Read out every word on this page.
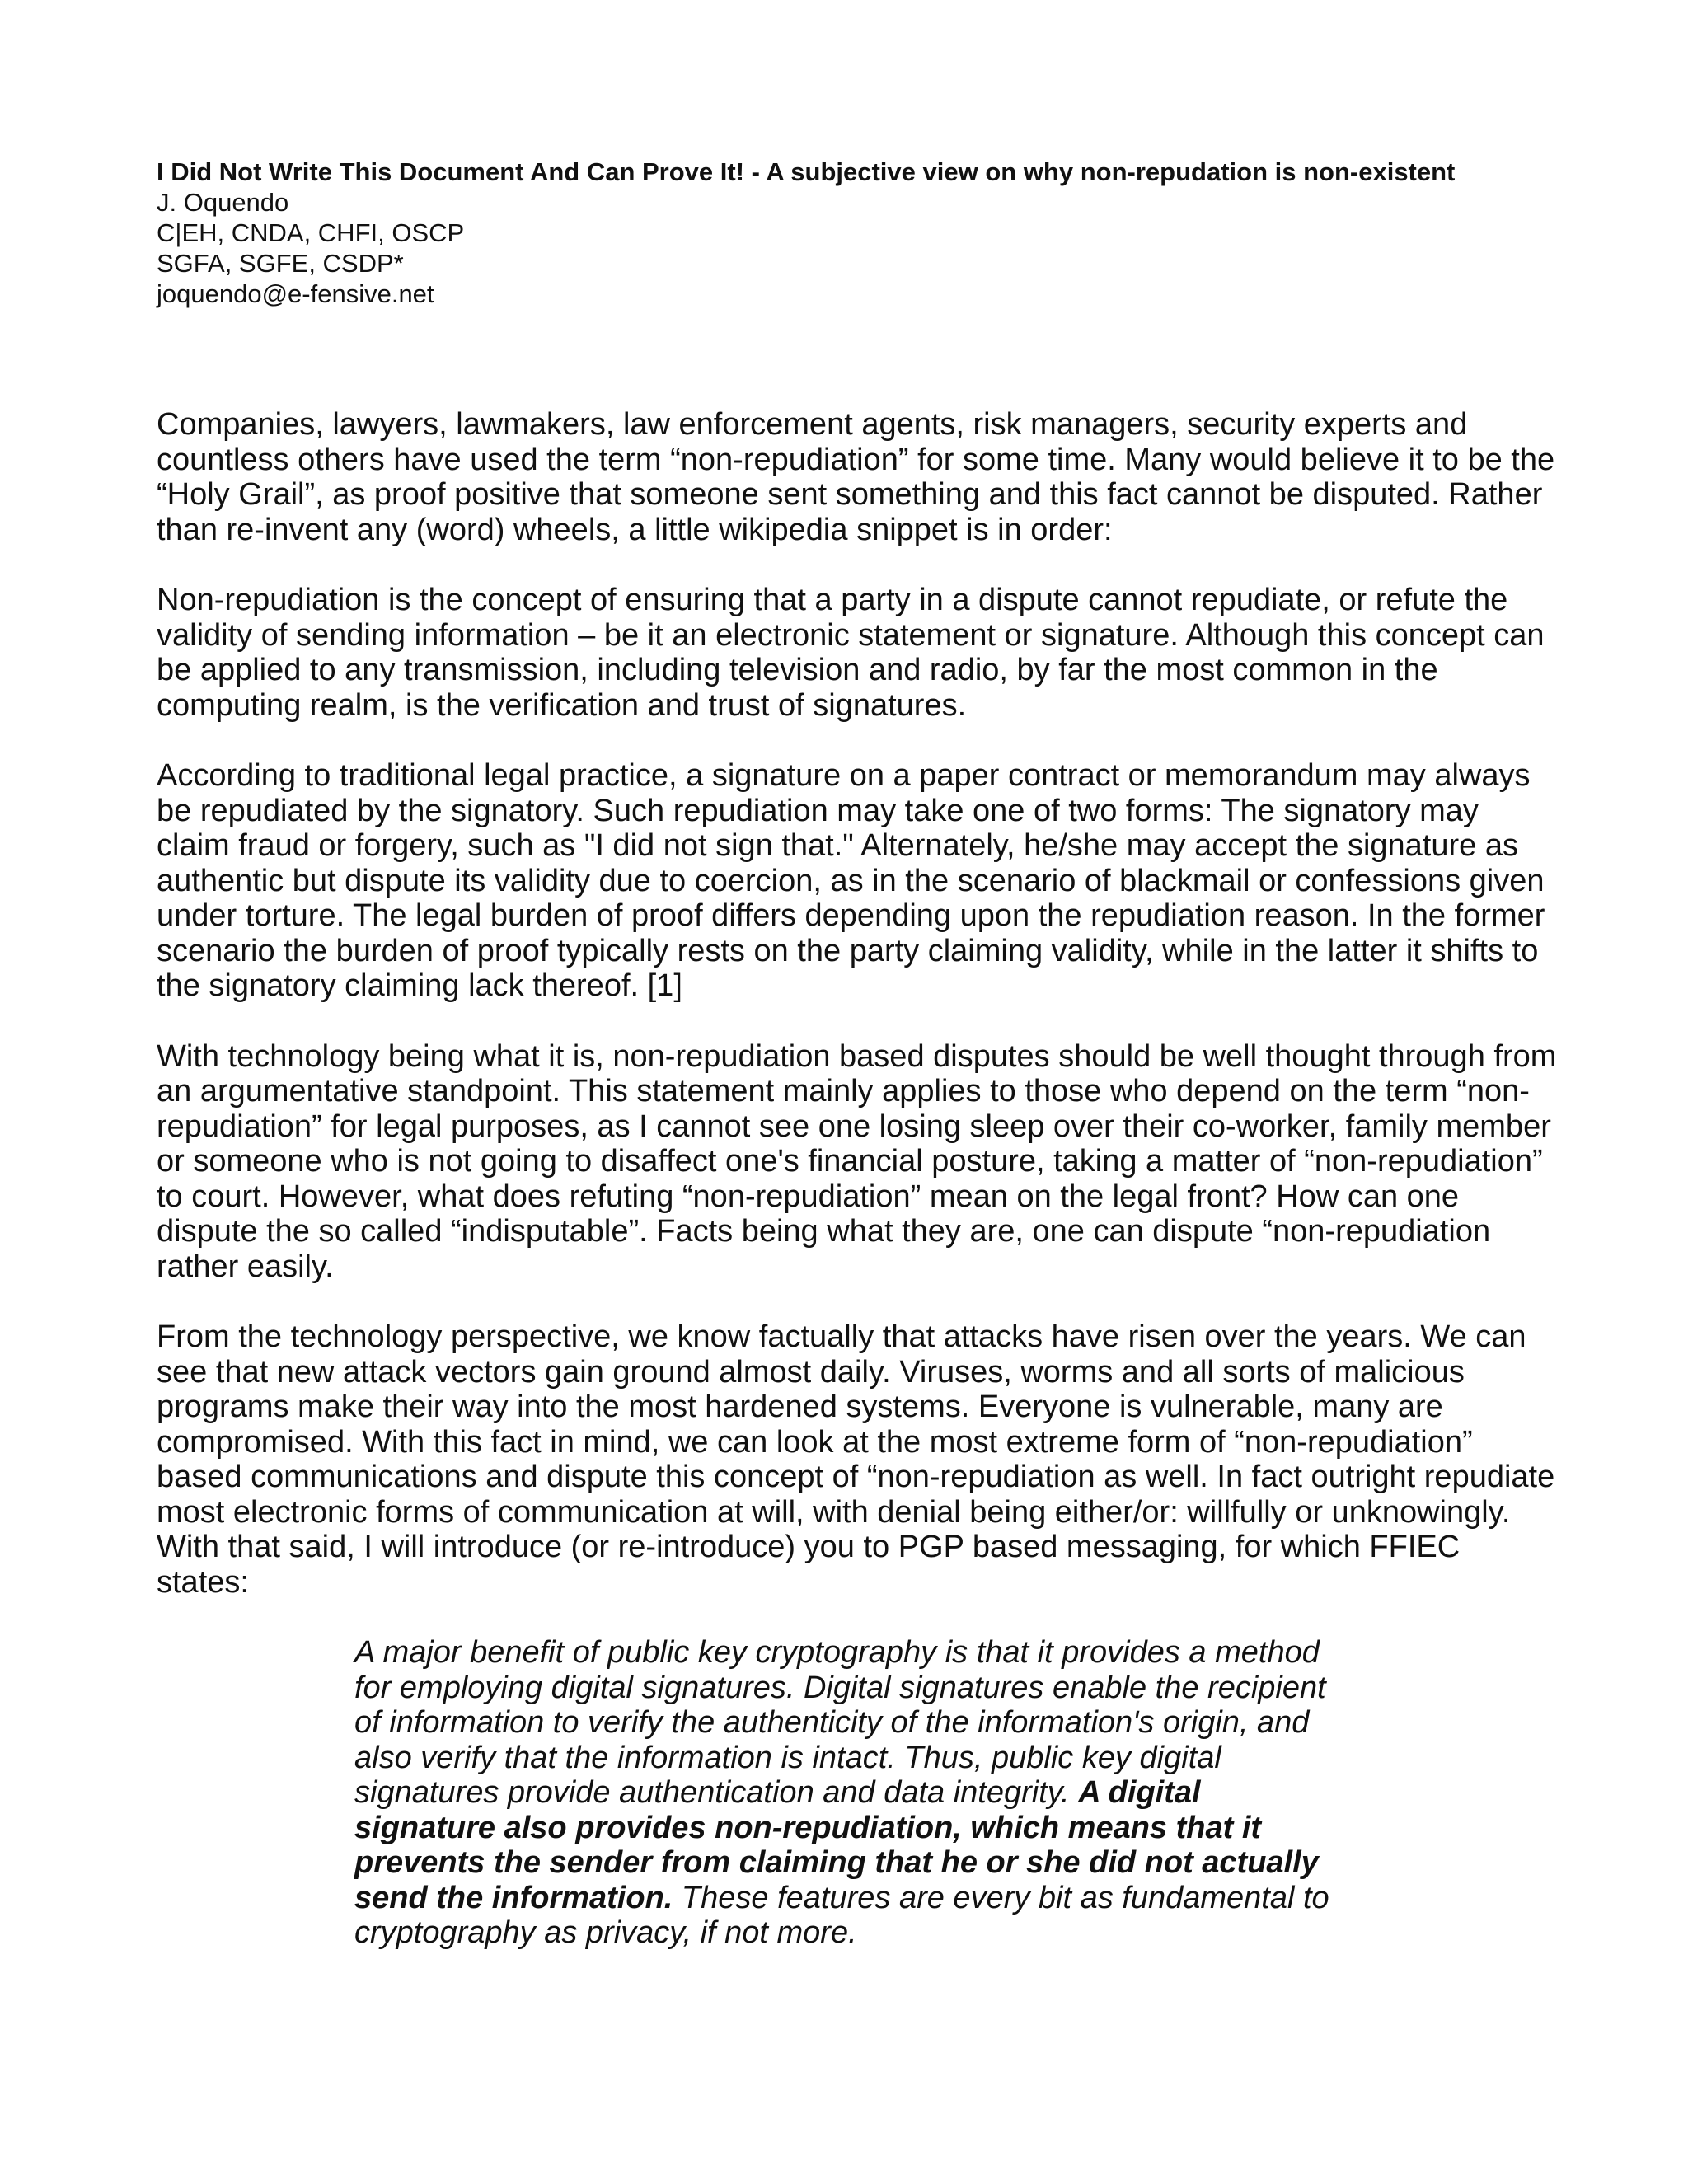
I Did Not Write This Document And Can Prove It! - A subjective view on why non-repudation is non-existent

J. Oquendo

C|EH, CNDA, CHFI, OSCP

SGFA, SGFE, CSDP*

joquendo@e-fensive.net

Companies, lawyers, lawmakers, law enforcement agents, risk managers, security experts and countless others have used the term “non-repudiation” for some time. Many would believe it to be the “Holy Grail”, as proof positive that someone sent something and this fact cannot be disputed. Rather than re-invent any (word) wheels, a little wikipedia snippet is in order:

Non-repudiation is the concept of ensuring that a party in a dispute cannot repudiate, or refute the validity of sending information – be it an electronic statement or signature. Although this concept can be applied to any transmission, including television and radio, by far the most common in the computing realm, is the verification and trust of signatures.

According to traditional legal practice, a signature on a paper contract or memorandum may always be repudiated by the signatory. Such repudiation may take one of two forms: The signatory may claim fraud or forgery, such as "I did not sign that." Alternately, he/she may accept the signature as authentic but dispute its validity due to coercion, as in the scenario of blackmail or confessions given under torture. The legal burden of proof differs depending upon the repudiation reason. In the former scenario the burden of proof typically rests on the party claiming validity, while in the latter it shifts to the signatory claiming lack thereof. [1]

With technology being what it is, non-repudiation based disputes should be well thought through from an argumentative standpoint. This statement mainly applies to those who depend on the term “non-repudiation” for legal purposes, as I cannot see one losing sleep over their co-worker, family member or someone who is not going to disaffect one's financial posture, taking a matter of “non-repudiation” to court. However, what does refuting “non-repudiation” mean on the legal front? How can one dispute the so called “indisputable”. Facts being what they are, one can dispute “non-repudiation rather easily.

From the technology perspective, we know factually that attacks have risen over the years. We can see that new attack vectors gain ground almost daily. Viruses, worms and all sorts of malicious programs make their way into the most hardened systems. Everyone is vulnerable, many are compromised. With this fact in mind, we can look at the most extreme form of “non-repudiation” based communications and dispute this concept of “non-repudiation as well. In fact outright repudiate most electronic forms of communication at will, with denial being either/or: willfully or unknowingly. With that said, I will introduce (or re-introduce) you to PGP based messaging, for which FFIEC states:

A major benefit of public key cryptography is that it provides a method for employing digital signatures. Digital signatures enable the recipient of information to verify the authenticity of the information's origin, and also verify that the information is intact. Thus, public key digital signatures provide authentication and data integrity. A digital signature also provides non-repudiation, which means that it prevents the sender from claiming that he or she did not actually send the information. These features are every bit as fundamental to cryptography as privacy, if not more.
